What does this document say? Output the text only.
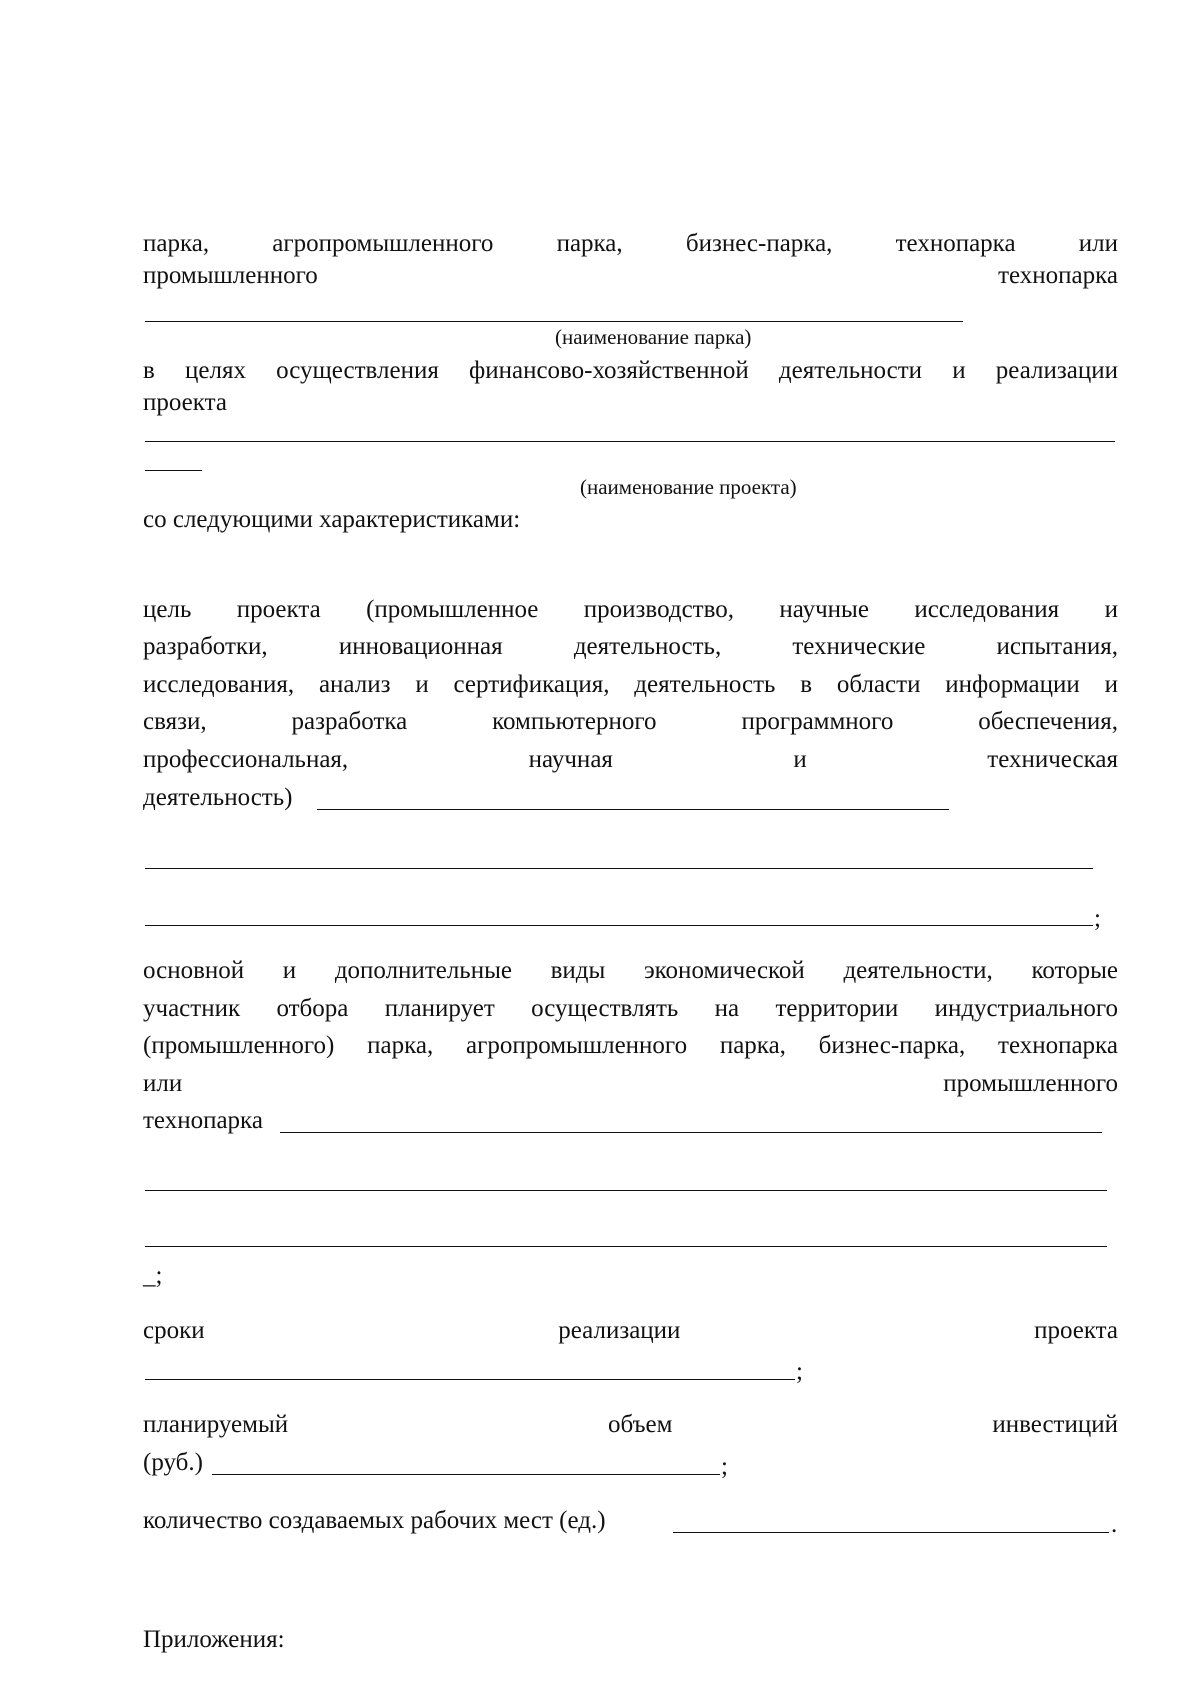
парка,	агропромышленного	парка,	бизнес-парка,	технопарка	или
промышленного	технопарка
(наименование парка)
в целях осуществления финансово-хозяйственной деятельности и реализации
проекта
(наименование проекта)
со следующими характеристиками:
цель проекта (промышленное производство, научные исследования и
разработки,	инновационная	деятельность,	технические	испытания,
исследования, анализ и сертификация, деятельность в области информации и
связи,	разработка	компьютерного	программного	обеспечения,
профессиональная,	научная	и	техническая
деятельность)
;
основной и дополнительные виды экономической деятельности, которые
участник отбора планирует осуществлять на территории индустриального
(промышленного) парка, агропромышленного парка, бизнес-парка, технопарка
или	промышленного
технопарка
_;
сроки	реализации	проекта
;
планируемый	объем	инвестиций
(руб.)	;
количество создаваемых рабочих мест (ед.)	.
Приложения:
